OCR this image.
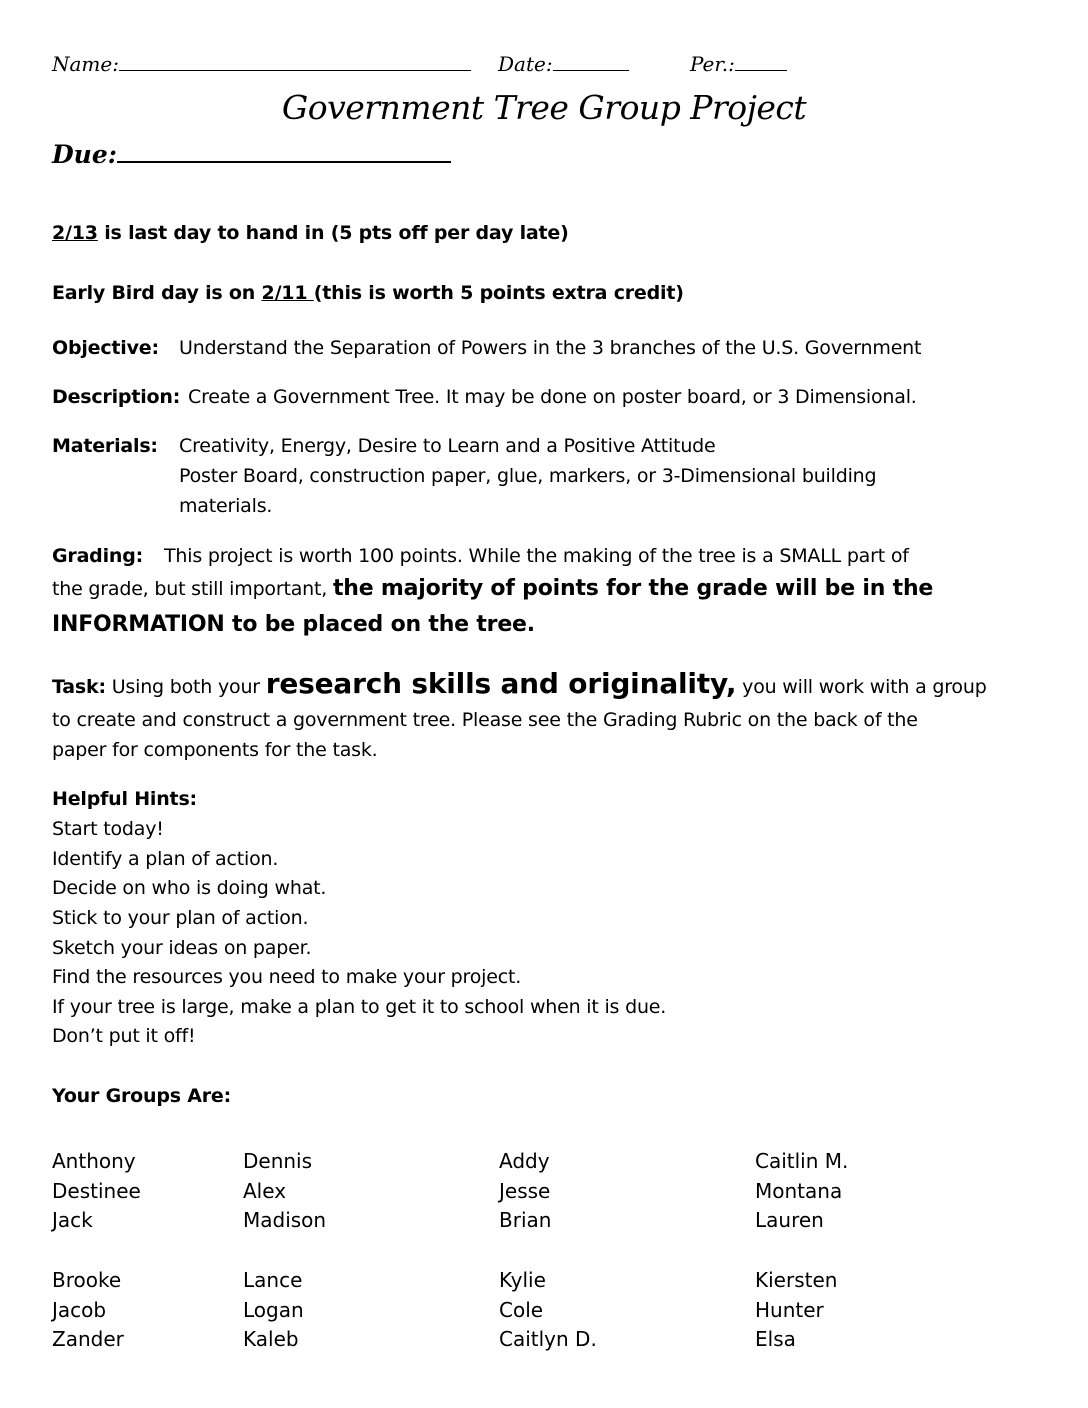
Name:	Date:	Per.:
Government Tree Group Project
Due:
2/13 is last day to hand in (5 pts off per day late)
Early Bird day is on 2/11 (this is worth 5 points extra credit)
Objective: Understand the Separation of Powers in the 3 branches of the U.S. Government
Description: Create a Government Tree. It may be done on poster board, or 3 Dimensional.
Materials: Creativity, Energy, Desire to Learn and a Positive Attitude
Poster Board, construction paper, glue, markers, or 3-Dimensional building
materials.
Grading: This project is worth 100 points. While the making of the tree is a SMALL part of
the grade, but still important, the majority of points for the grade will be in the
INFORMATION to be placed on the tree.
Task: Using both your research skills and originality, you will work with a group
to create and construct a government tree. Please see the Grading Rubric on the back of the
paper for components for the task.
Helpful Hints:
Start today!
Identify a plan of action.
Decide on who is doing what.
Stick to your plan of action.
Sketch your ideas on paper.
Find the resources you need to make your project.
If your tree is large, make a plan to get it to school when it is due.
Don’t put it off!
Your Groups Are:
Anthony	Dennis	Addy	Caitlin M.
Destinee	Alex	Jesse	Montana
Jack	Madison	Brian	Lauren
Brooke	Lance	Kylie	Kiersten
Jacob	Logan	Cole	Hunter
Zander	Kaleb	Caitlyn D.	Elsa
